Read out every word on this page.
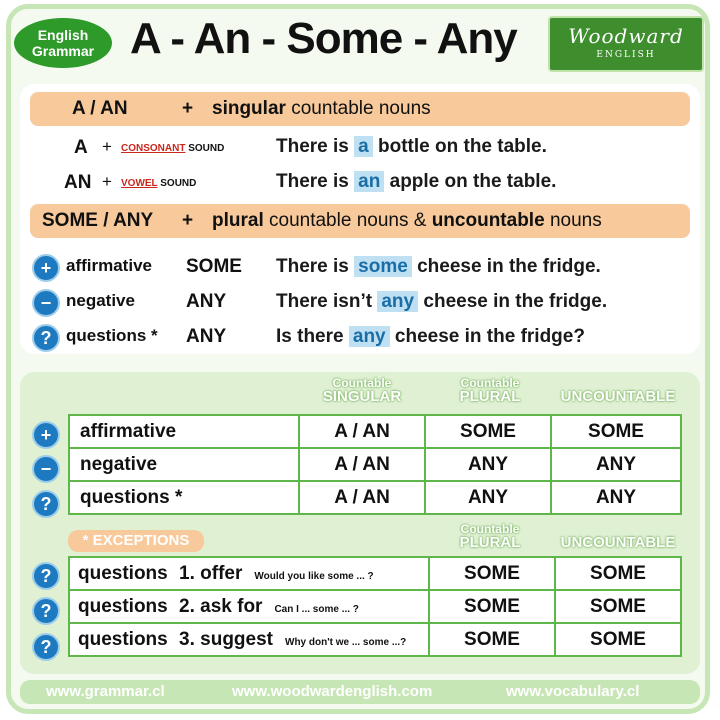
English
Grammar A - An - Some - Any	Woodward
ENGLISH
A / AN	+ singular countable nouns
A + CONSONANT SOUND	There is a bottle on the table.
AN + VOWEL SOUND	There is an apple on the table.
SOME / ANY + plural countable nouns & uncountable nouns
+ affirmative SOME There is some cheese in the fridge.
− negative	ANY	There isn’t any cheese in the fridge.
? questions * ANY	Is there any cheese in the fridge?
Countable
SINGULAR
Countable
PLURAL
	UNCOUNTABLE
+
−
?
affirmative	A / AN	SOME	SOME
negative	A / AN	ANY	ANY
questions *	A / AN	ANY	ANY
* EXCEPTIONS
Countable
PLURAL
	UNCOUNTABLE
?
?
?
questions 1. offer Would you like some ... ?	SOME	SOME
questions 2. ask for Can I ... some ... ?	SOME	SOME
questions 3. suggest Why don't we ... some ...?	SOME	SOME
www.grammar.cl	www.woodwardenglish.com	www.vocabulary.cl
